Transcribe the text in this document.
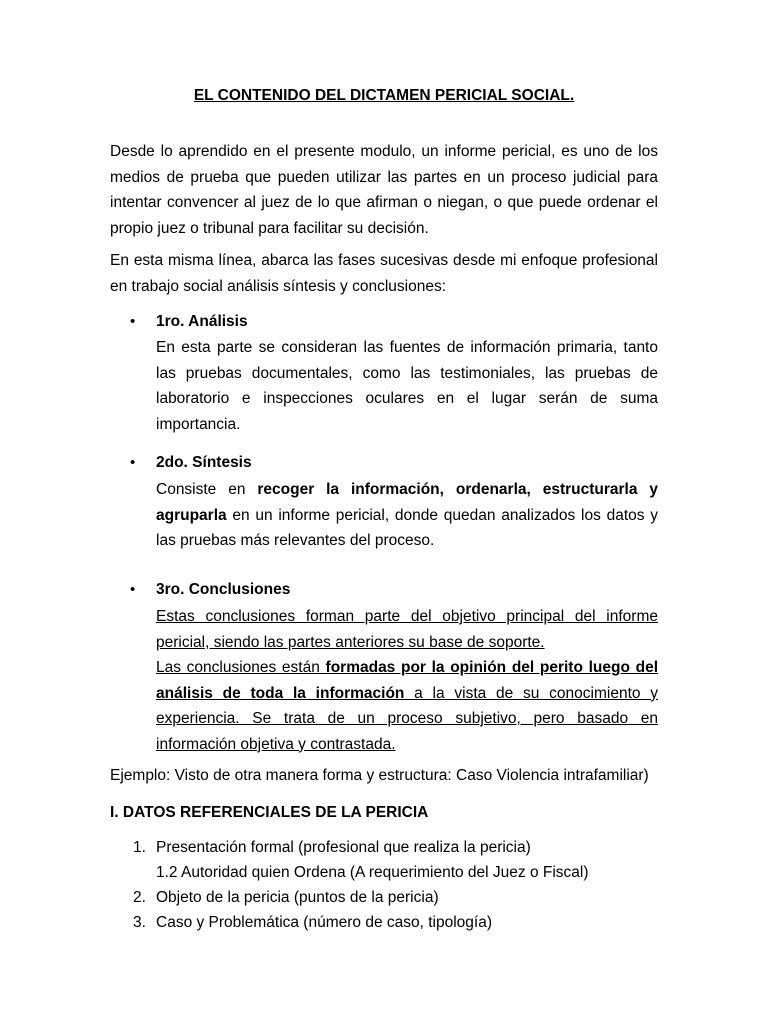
EL CONTENIDO DEL DICTAMEN PERICIAL SOCIAL.
Desde lo aprendido en el presente modulo, un informe pericial, es uno de los medios de prueba que pueden utilizar las partes en un proceso judicial para intentar convencer al juez de lo que afirman o niegan, o que puede ordenar el propio juez o tribunal para facilitar su decisión.
En esta misma línea, abarca las fases sucesivas desde mi enfoque profesional en trabajo social análisis síntesis y conclusiones:
• 1ro. Análisis
En esta parte se consideran las fuentes de información primaria, tanto las pruebas documentales, como las testimoniales, las pruebas de laboratorio e inspecciones oculares en el lugar serán de suma importancia.
• 2do. Síntesis
Consiste en recoger la información, ordenarla, estructurarla y agruparla en un informe pericial, donde quedan analizados los datos y las pruebas más relevantes del proceso.
• 3ro. Conclusiones
Estas conclusiones forman parte del objetivo principal del informe pericial, siendo las partes anteriores su base de soporte.
Las conclusiones están formadas por la opinión del perito luego del análisis de toda la información a la vista de su conocimiento y experiencia. Se trata de un proceso subjetivo, pero basado en información objetiva y contrastada.
Ejemplo: Visto de otra manera forma y estructura: Caso Violencia intrafamiliar)
I. DATOS REFERENCIALES DE LA PERICIA
1. Presentación formal (profesional que realiza la pericia)
1.2 Autoridad quien Ordena (A requerimiento del Juez o Fiscal)
2. Objeto de la pericia (puntos de la pericia)
3. Caso y Problemática (número de caso, tipología)
